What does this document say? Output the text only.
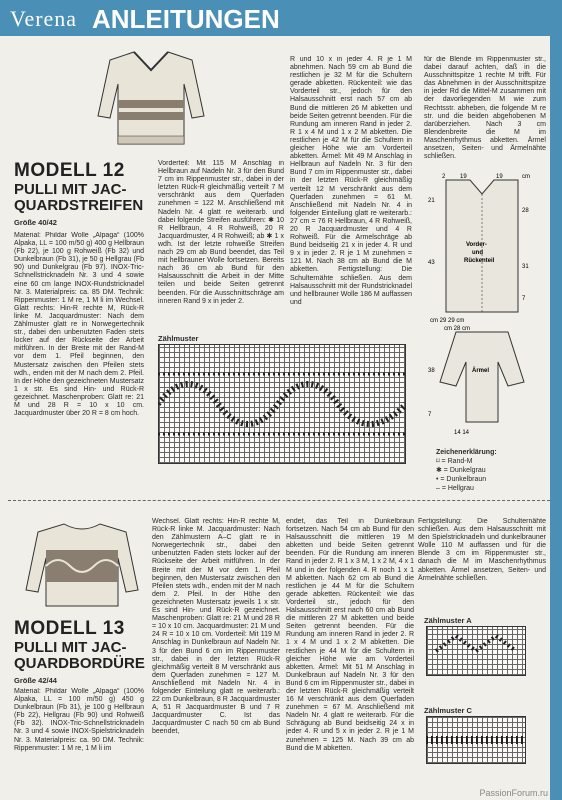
Verena ANLEITUNGEN
MODELL 12
PULLI MIT JAC-
QUARDSTREIFEN
Größe 40/42
Material: Phildar Wolle „Alpaga“ (100% Alpaka, LL = 100 m/50 g) 400 g Hellbraun (Fb 22), je 100 g Rohweiß (Fb 32) und Dunkelbraun (Fb 31), je 50 g Hellgrau (Fb 90) und Dunkelgrau (Fb 97). INOX-Tric-Schnellstricknadeln Nr. 3 und 4 sowie eine 60 cm lange INOX-Rundstricknadel Nr. 3. Materialpreis: ca. 85 DM. Technik: Rippenmuster: 1 M re, 1 M li im Wechsel. Glatt rechts: Hin-R rechte M, Rück-R linke M. Jacquardmuster: Nach dem Zählmuster glatt re in Norwegertechnik str., dabei den unbenutzten Faden stets locker auf der Rückseite der Arbeit mitführen. In der Breite mit der Rand-M vor dem 1. Pfeil beginnen, den Mustersatz zwischen den Pfeilen stets wdh., enden mit der M nach dem 2. Pfeil. In der Höhe den gezeichneten Mustersatz 1 x str. Es sind Hin- und Rück-R gezeichnet. Maschenproben: Glatt re: 21 M und 28 R = 10 x 10 cm. Jacquardmuster über 20 R = 8 cm hoch.
Vorderteil: Mit 115 M Anschlag in Hellbraun auf Nadeln Nr. 3 für den Bund 7 cm im Rippenmuster str., dabei in der letzten Rück-R gleichmäßig verteilt 7 M verschränkt aus dem Querfaden zunehmen = 122 M. Anschließend mit Nadeln Nr. 4 glatt re weiterarb. und dabei folgende Streifen ausführen: ✱ 10 R Hellbraun, 4 R Rohweiß, 20 R Jacquardmuster, 4 R Rohweiß; ab ✱ 1 x wdh. Ist der letzte rohweiße Streifen nach 29 cm ab Bund beendet, das Teil mit hellbrauner Wolle fortsetzen. Bereits nach 36 cm ab Bund für den Halsausschnitt die Arbeit in der Mitte teilen und beide Seiten getrennt beenden. Für die Ausschnittschräge am inneren Rand 9 x in jeder 2.
R und 10 x in jeder 4. R je 1 M abnehmen. Nach 59 cm ab Bund die restlichen je 32 M für die Schultern gerade abketten. Rückenteil: wie das Vorderteil str., jedoch für den Halsausschnitt erst nach 57 cm ab Bund die mittleren 26 M abketten und beide Seiten getrennt beenden. Für die Rundung am inneren Rand in jeder 2. R 1 x 4 M und 1 x 2 M abketten. Die restlichen je 42 M für die Schultern in gleicher Höhe wie am Vorderteil abketten. Ärmel: Mit 49 M Anschlag in Hellbraun auf Nadeln Nr. 3 für den Bund 7 cm im Rippenmuster str., dabei in der letzten Rück-R gleichmäßig verteilt 12 M verschränkt aus dem Querfaden zunehmen = 61 M. Anschließend mit Nadeln Nr. 4 in folgender Einteilung glatt re weiterarb.: 27 cm = 76 R Hellbraun, 4 R Rohweiß, 20 R Jacquardmuster und 4 R Rohweiß. Für die Armelschräge ab Bund beidseitig 21 x in jeder 4. R und 9 x in jeder 2. R je 1 M zunehmen = 121 M. Nach 38 cm ab Bund die M abketten. Fertigstellung: Die Schulternähte schließen. Aus dem Halsausschnitt mit der Rundstricknadel und hellbrauner Wolle 186 M auffassen und
für die Blende im Rippenmuster str., dabei darauf achten, daß in die Ausschnittspitze 1 rechte M trifft. Für das Abnehmen in der Ausschnittspitze in jeder Rd die Mittel-M zusammen mit der davorliegenden M wie zum Rechtsstr. abheben, die folgende M re str. und die beiden abgehobenen M darüberziehen. Nach 3 cm Blendenbreite die M im Maschenrhythmus abketten. Ärmel ansetzen, Seiten- und Ärmelnähte schließen.
Zählmuster
2 19	19	cm
Vorder-
und
Rückenteil
21
28
43
31
7
cm 29 29 cm
cm 28 cm
Ärmel
38
7
14 14
Zeichenerklärung:
⌑ = Rand-M
✱ = Dunkelgrau
• = Dunkelbraun
– = Hellgrau
MODELL 13
PULLI MIT JAC-
QUARDBORDÜRE
Größe 42/44
Material: Phildar Wolle „Alpaga“ (100% Alpaka, LL = 100 m/50 g) 450 g Dunkelbraun (Fb 31), je 100 g Hellbraun (Fb 22), Hellgrau (Fb 90) und Rohweiß (Fb 32). INOX-Tric-Schnellstricknadeln Nr. 3 und 4 sowie INOX-Spielstricknadeln Nr. 3. Materialpreis: ca. 90 DM. Technik: Rippenmuster: 1 M re, 1 M li im
Wechsel. Glatt rechts: Hin-R rechte M, Rück-R linke M. Jacquardmuster: Nach den Zählmustern A–C glatt re in Norwegertechnik str., dabei den unbenutzten Faden stets locker auf der Rückseite der Arbeit mitführen. In der Breite mit der M vor dem 1. Pfeil beginnen, den Mustersatz zwischen den Pfeilen stets wdh., enden mit der M nach dem 2. Pfeil. In der Höhe den gezeichneten Mustersatz jeweils 1 x str. Es sind Hin- und Rück-R gezeichnet. Maschenproben: Glatt re: 21 M und 28 R = 10 x 10 cm. Jacquardmuster: 21 M und 24 R = 10 x 10 cm. Vorderteil: Mit 119 M Anschlag in Dunkelbraun auf Nadeln Nr. 3 für den Bund 6 cm im Rippenmuster str., dabei in der letzten Rück-R gleichmäßig verteilt 8 M verschränkt aus dem Querfaden zunehmen = 127 M. Anschließend mit Nadeln Nr. 4 in folgender Einteilung glatt re weiterarb.: 22 cm Dunkelbraun, 8 R Jacquardmuster A, 51 R Jacquardmuster B und 7 R Jacquardmuster C. Ist das Jacquardmuster C nach 50 cm ab Bund beendet,
endet, das Teil in Dunkelbraun fortsetzen. Nach 54 cm ab Bund für den Halsausschnitt die mittleren 19 M abketten und beide Seiten getrennt beenden. Für die Rundung am inneren Rand in jeder 2. R 1 x 3 M, 1 x 2 M, 4 x 1 M und in der folgenden 4. R noch 1 x 1 M abketten. Nach 62 cm ab Bund die restlichen je 44 M für die Schultern gerade abketten. Rückenteil: wie das Vorderteil str., jedoch für den Halsausschnitt erst nach 60 cm ab Bund die mittleren 27 M abketten und beide Seiten getrennt beenden. Für die Rundung am inneren Rand in jeder 2. R 1 x 4 M und 1 x 2 M abketten. Die restlichen je 44 M für die Schultern in gleicher Höhe wie am Vorderteil abketten. Ärmel: Mit 51 M Anschlag in Dunkelbraun auf Nadeln Nr. 3 für den Bund 6 cm im Rippenmuster str., dabei in der letzten Rück-R gleichmäßig verteilt 16 M verschränkt aus dem Querfaden zunehmen = 67 M. Anschließend mit Nadeln Nr. 4 glatt re weiterarb. Für die Schrägung ab Bund beidseitig 24 x in jeder 4. R und 5 x in jeder 2. R je 1 M zunehmen = 125 M. Nach 39 cm ab Bund die M abketten.
Fertigstellung: Die Schulternähte schließen. Aus dem Halsausschnitt mit den Spielstricknadeln und dunkelbrauner Wolle 110 M auffassen und für die Blende 3 cm im Rippenmuster str., danach die M im Maschenrhythmus abketten. Ärmel ansetzen, Seiten- und Ärmelnähte schließen.
Zählmuster A
Zählmuster C
PassionForum.ru
